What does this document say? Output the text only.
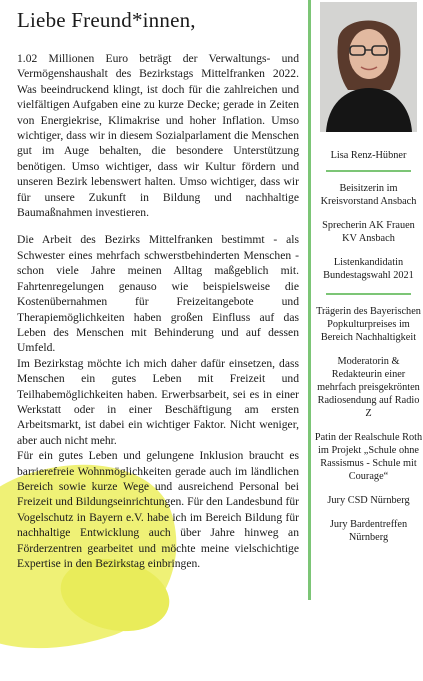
Liebe Freund*innen,

1.02 Millionen Euro beträgt der Verwaltungs- und Vermögenshaushalt des Bezirkstags Mittelfranken 2022. Was beeindruckend klingt, ist doch für die zahlreichen und vielfältigen Aufgaben eine zu kurze Decke; gerade in Zeiten von Energiekrise, Klimakrise und hoher Inflation. Umso wichtiger, dass wir in diesem Sozialparlament die Menschen gut im Auge behalten, die besondere Unterstützung benötigen. Umso wichtiger, dass wir Kultur fördern und unseren Bezirk lebenswert halten. Umso wichtiger, dass wir für unsere Zukunft in Bildung und nachhaltige Baumaßnahmen investieren.

Die Arbeit des Bezirks Mittelfranken bestimmt - als Schwester eines mehrfach schwerstbehinderten Menschen - schon viele Jahre meinen Alltag maßgeblich mit. Fahrtenregelungen genauso wie beispielsweise die Kostenübernahmen für Freizeitangebote und Therapiemöglichkeiten haben großen Einfluss auf das Leben des Menschen mit Behinderung und auf dessen Umfeld.

Im Bezirkstag möchte ich mich daher dafür einsetzen, dass Menschen ein gutes Leben mit Freizeit und Teilhabemöglichkeiten haben. Erwerbsarbeit, sei es in einer Werkstatt oder in einer Beschäftigung am ersten Arbeitsmarkt, ist dabei ein wichtiger Faktor. Nicht weniger, aber auch nicht mehr.

Für ein gutes Leben und gelungene Inklusion braucht es barrierefreie Wohnmöglichkeiten gerade auch im ländlichen Bereich sowie kurze Wege und ausreichend Personal bei Freizeit und Bildungseinrichtungen. Für den Landesbund für Vogelschutz in Bayern e.V. habe ich im Bereich Bildung für nachhaltige Entwicklung auch über Jahre hinweg an Förderzentren gearbeitet und möchte meine vielschichtige Expertise in den Bezirkstag einbringen.

Lisa Renz-Hübner
Beisitzerin im Kreisvorstand Ansbach
Sprecherin AK Frauen KV Ansbach
Listenkandidatin Bundestagswahl 2021
Trägerin des Bayerischen Popkulturpreises im Bereich Nachhaltigkeit
Moderatorin & Redakteurin einer mehrfach preisgekrönten Radiosendung auf Radio Z
Patin der Realschule Roth im Projekt „Schule ohne Rassismus - Schule mit Courage“
Jury CSD Nürnberg
Jury Bardentreffen Nürnberg
